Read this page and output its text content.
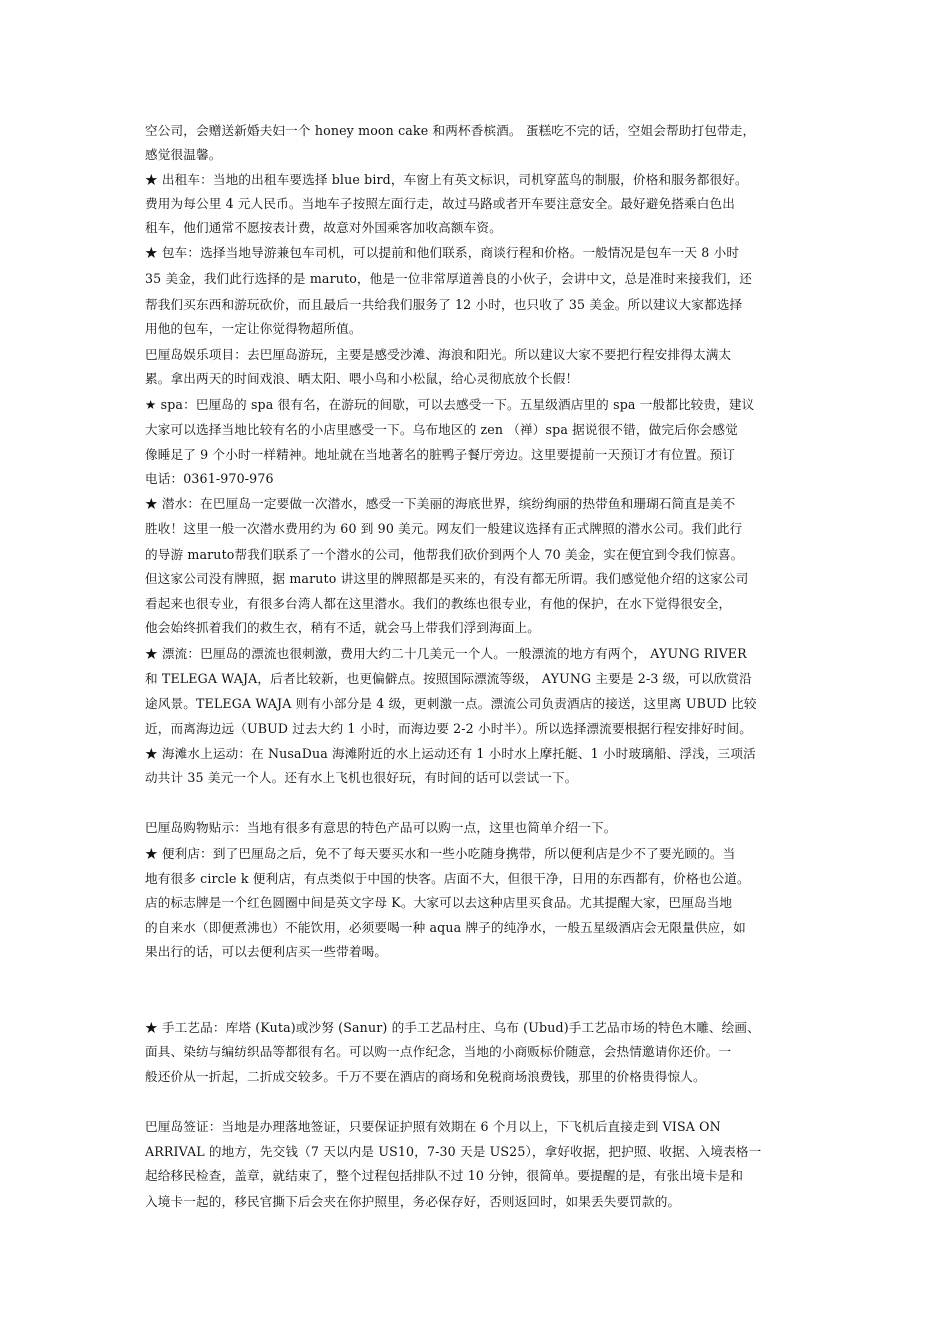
空公司，会赠送新婚夫妇一个 honey moon cake 和两杯香槟酒。 蛋糕吃不完的话，空姐会帮助打包带走，
感觉很温馨。
★ 出租车：当地的出租车要选择 blue bird，车窗上有英文标识，司机穿蓝鸟的制服，价格和服务都很好。
费用为每公里 4 元人民币。当地车子按照左面行走，故过马路或者开车要注意安全。最好避免搭乘白色出
租车，他们通常不愿按表计费，故意对外国乘客加收高额车资。
★ 包车：选择当地导游兼包车司机，可以提前和他们联系，商谈行程和价格。一般情况是包车一天 8 小时
35 美金，我们此行选择的是 maruto，他是一位非常厚道善良的小伙子，会讲中文，总是准时来接我们，还
帮我们买东西和游玩砍价，而且最后一共给我们服务了 12 小时，也只收了 35 美金。所以建议大家都选择
用他的包车，一定让你觉得物超所值。
巴厘岛娱乐项目：去巴厘岛游玩，主要是感受沙滩、海浪和阳光。所以建议大家不要把行程安排得太满太
累。拿出两天的时间戏浪、晒太阳、喂小鸟和小松鼠，给心灵彻底放个长假！
★ spa：巴厘岛的 spa 很有名，在游玩的间歇，可以去感受一下。五星级酒店里的 spa 一般都比较贵，建议
大家可以选择当地比较有名的小店里感受一下。乌布地区的 zen （禅）spa 据说很不错，做完后你会感觉
像睡足了 9 个小时一样精神。地址就在当地著名的脏鸭子餐厅旁边。这里要提前一天预订才有位置。预订
电话：0361-970-976
★ 潜水：在巴厘岛一定要做一次潜水，感受一下美丽的海底世界，缤纷绚丽的热带鱼和珊瑚石简直是美不
胜收！这里一般一次潜水费用约为 60 到 90 美元。网友们一般建议选择有正式牌照的潜水公司。我们此行
的导游 maruto帮我们联系了一个潜水的公司，他帮我们砍价到两个人 70 美金，实在便宜到令我们惊喜。
但这家公司没有牌照，据 maruto 讲这里的牌照都是买来的，有没有都无所谓。我们感觉他介绍的这家公司
看起来也很专业，有很多台湾人都在这里潜水。我们的教练也很专业，有他的保护，在水下觉得很安全，
他会始终抓着我们的救生衣，稍有不适，就会马上带我们浮到海面上。
★ 漂流：巴厘岛的漂流也很刺激，费用大约二十几美元一个人。一般漂流的地方有两个， AYUNG RIVER
和 TELEGA WAJA，后者比较新，也更偏僻点。按照国际漂流等级， AYUNG 主要是 2-3 级，可以欣赏沿
途风景。TELEGA WAJA 则有小部分是 4 级，更刺激一点。漂流公司负责酒店的接送，这里离 UBUD 比较
近，而离海边远（UBUD 过去大约 1 小时，而海边要 2-2 小时半）。所以选择漂流要根据行程安排好时间。
★ 海滩水上运动：在 NusaDua 海滩附近的水上运动还有 1 小时水上摩托艇、1 小时玻璃船、浮浅，三项活
动共计 35 美元一个人。还有水上飞机也很好玩，有时间的话可以尝试一下。
巴厘岛购物贴示：当地有很多有意思的特色产品可以购一点，这里也简单介绍一下。
★ 便利店：到了巴厘岛之后，免不了每天要买水和一些小吃随身携带，所以便利店是少不了要光顾的。当
地有很多 circle k 便利店，有点类似于中国的快客。店面不大，但很干净，日用的东西都有，价格也公道。
店的标志牌是一个红色圆圈中间是英文字母 K。大家可以去这种店里买食品。尤其提醒大家，巴厘岛当地
的自来水（即便煮沸也）不能饮用，必须要喝一种 aqua 牌子的纯净水，一般五星级酒店会无限量供应，如
果出行的话，可以去便利店买一些带着喝。
★ 手工艺品：库塔 (Kuta)或沙努 (Sanur) 的手工艺品村庄、乌布 (Ubud)手工艺品市场的特色木雕、绘画、
面具、染纺与编纺织品等都很有名。可以购一点作纪念，当地的小商贩标价随意，会热情邀请你还价。一
般还价从一折起，二折成交较多。千万不要在酒店的商场和免税商场浪费钱，那里的价格贵得惊人。
巴厘岛签证：当地是办理落地签证，只要保证护照有效期在 6 个月以上，下飞机后直接走到 VISA ON
ARRIVAL 的地方，先交钱（7 天以内是 US10，7-30 天是 US25），拿好收据，把护照、收据、入境表格一
起给移民检查，盖章，就结束了，整个过程包括排队不过 10 分钟，很简单。要提醒的是，有张出境卡是和
入境卡一起的，移民官撕下后会夹在你护照里，务必保存好，否则返回时，如果丢失要罚款的。
